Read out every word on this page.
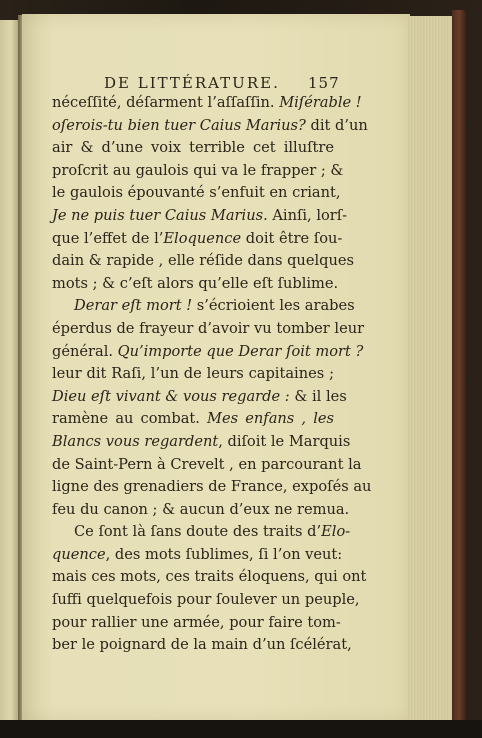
DE LITTÉRATURE. 157
néceſſité, déſarment l’aſſaſſin. Miſérable !
oſerois-tu bien tuer Caius Marius? dit d’un
air & d’une voix terrible cet illuſtre
proſcrit au gaulois qui va le frapper ; &
le gaulois épouvanté s’enfuit en criant,
Je ne puis tuer Caius Marius. Ainſi, lorſ-
que l’effet de l’Eloquence doit être ſou-
dain & rapide , elle réſide dans quelques
mots ; & c’eſt alors qu’elle eſt ſublime.
Derar eſt mort ! s’écrioient les arabes
éperdus de frayeur d’avoir vu tomber leur
général. Qu’importe que Derar ſoit mort ?
leur dit Raſi, l’un de leurs capitaines ;
Dieu eſt vivant & vous regarde : & il les
ramène au combat. Mes enfans , les
Blancs vous regardent, diſoit le Marquis
de Saint-Pern à Crevelt , en parcourant la
ligne des grenadiers de France, expoſés au
feu du canon ; & aucun d’eux ne remua.
Ce ſont là ſans doute des traits d’Elo-
quence, des mots ſublimes, ſi l’on veut:
mais ces mots, ces traits éloquens, qui ont
ſuffi quelquefois pour ſoulever un peuple,
pour rallier une armée, pour faire tom-
ber le poignard de la main d’un ſcélérat,
